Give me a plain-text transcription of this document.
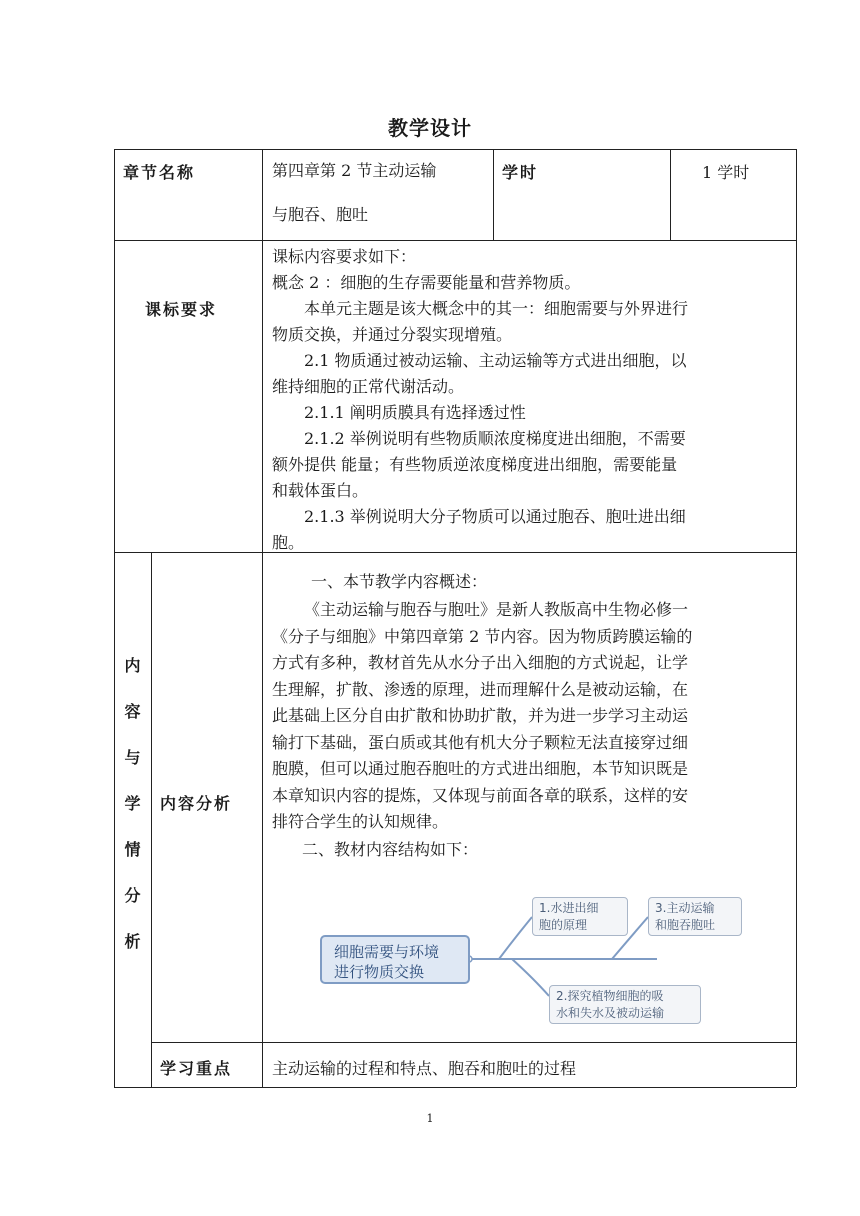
教学设计
章节名称	第四章第 2 节主动运输
与胞吞、胞吐
学时	1 学时
课标要求
课标内容要求如下：
概念 2 ：细胞的生存需要能量和营养物质。
本单元主题是该大概念中的其一：细胞需要与外界进行
物质交换，并通过分裂实现增殖。
2.1 物质通过被动运输、主动运输等方式进出细胞，以
维持细胞的正常代谢活动。
2.1.1 阐明质膜具有选择透过性
2.1.2 举例说明有些物质顺浓度梯度进出细胞，不需要
额外提供 能量；有些物质逆浓度梯度进出细胞，需要能量
和载体蛋白。
2.1.3 举例说明大分子物质可以通过胞吞、胞吐进出细
胞。
内
容
与
学
情
分
析
内容分析
一、本节教学内容概述：
《主动运输与胞吞与胞吐》是新人教版高中生物必修一
《分子与细胞》中第四章第 2 节内容。因为物质跨膜运输的
方式有多种，教材首先从水分子出入细胞的方式说起，让学
生理解，扩散、渗透的原理，进而理解什么是被动运输，在
此基础上区分自由扩散和协助扩散，并为进一步学习主动运
输打下基础，蛋白质或其他有机大分子颗粒无法直接穿过细
胞膜，但可以通过胞吞胞吐的方式进出细胞，本节知识既是
本章知识内容的提炼，又体现与前面各章的联系，这样的安
排符合学生的认知规律。
二、教材内容结构如下：
细胞需要与环境
进行物质交换
1.水进出细
胞的原理
3.主动运输
和胞吞胞吐
2.探究植物细胞的吸
水和失水及被动运输
学习重点 主动运输的过程和特点、胞吞和胞吐的过程
1
